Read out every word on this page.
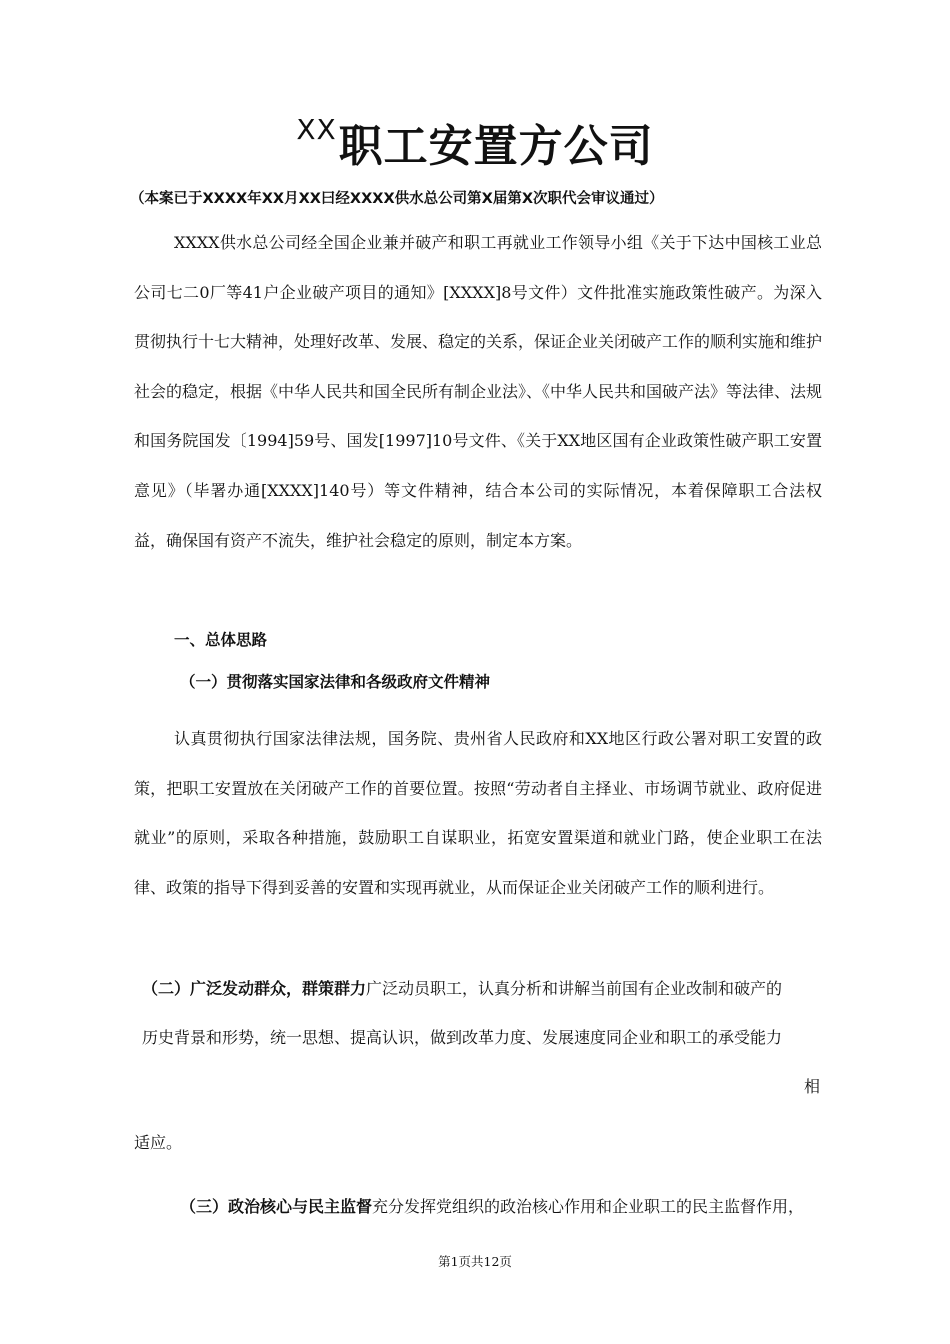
$^{XX}$职工安置方公司
（本案已于XXXX年XX月XX曰经XXXX供水总公司第X届第X次职代会审议通过）
XXXX供水总公司经全国企业兼并破产和职工再就业工作领导小组《关于下达中国核工业总公司七二0厂等41户企业破产项目的通知》[XXXX]8号文件）文件批准实施政策性破产。为深入贯彻执行十七大精神，处理好改革、发展、稳定的关系，保证企业关闭破产工作的顺利实施和维护社会的稳定，根据《中华人民共和国全民所有制企业法》、《中华人民共和国破产法》等法律、法规和国务院国发〔1994]59号、国发[1997]10号文件、《关于XX地区国有企业政策性破产职工安置意见》（毕署办通[XXXX]140号）等文件精神，结合本公司的实际情况，本着保障职工合法权益，确保国有资产不流失，维护社会稳定的原则，制定本方案。
一、总体思路
（一）贯彻落实国家法律和各级政府文件精神
认真贯彻执行国家法律法规，国务院、贵州省人民政府和XX地区行政公署对职工安置的政策，把职工安置放在关闭破产工作的首要位置。按照“劳动者自主择业、市场调节就业、政府促进就业”的原则，采取各种措施，鼓励职工自谋职业，拓宽安置渠道和就业门路，使企业职工在法律、政策的指导下得到妥善的安置和实现再就业，从而保证企业关闭破产工作的顺利进行。
（二）广泛发动群众，群策群力广泛动员职工，认真分析和讲解当前国有企业改制和破产的
历史背景和形势，统一思想、提高认识，做到改革力度、发展速度同企业和职工的承受能力
相
适应。
（三）政治核心与民主监督充分发挥党组织的政治核心作用和企业职工的民主监督作用，
第1页共12页
